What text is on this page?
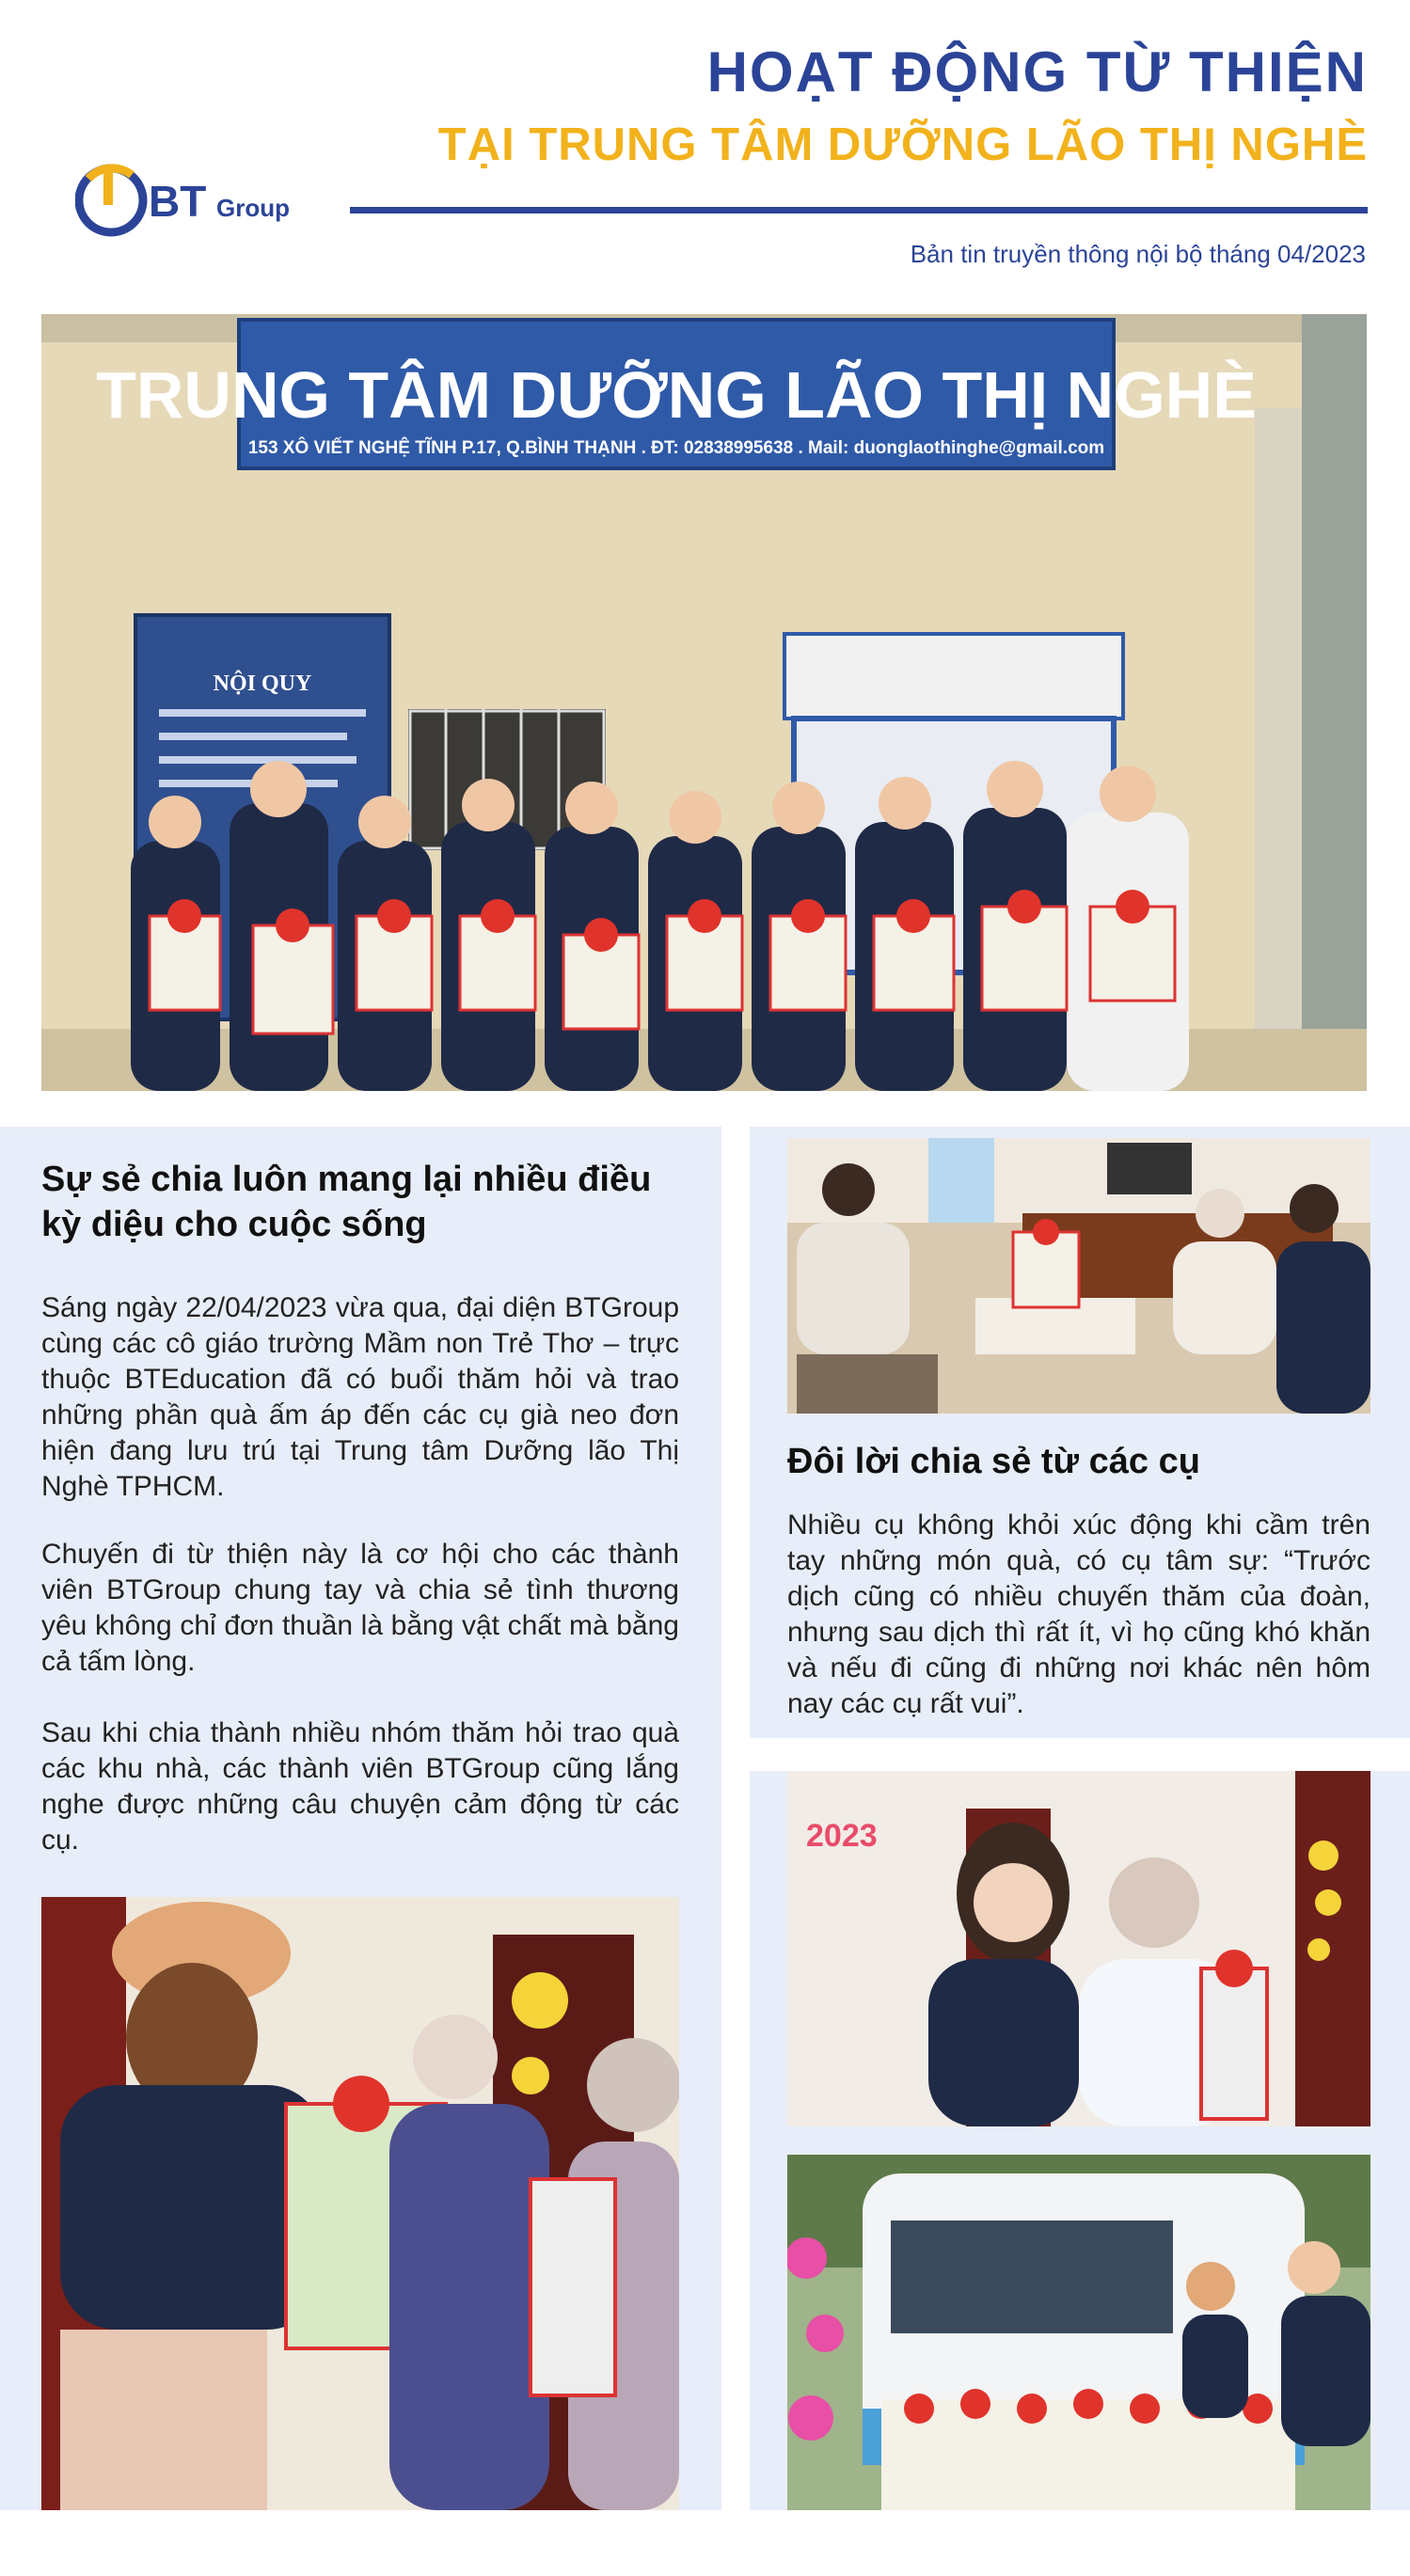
BT Group
HOẠT ĐỘNG TỪ THIỆN
TẠI TRUNG TÂM DƯỠNG LÃO THỊ NGHÈ
Bản tin truyền thông nội bộ tháng 04/2023
TRUNG TÂM DƯỠNG LÃO THỊ NGHÈ
153 XÔ VIẾT NGHỆ TĨNH P.17, Q.BÌNH THẠNH . ĐT: 02838995638 . Mail: duonglaothinghe@gmail.com
NỘI QUY
Sự sẻ chia luôn mang lại nhiều điều kỳ diệu cho cuộc sống

Sáng ngày 22/04/2023 vừa qua, đại diện BTGroup cùng các cô giáo trường Mầm non Trẻ Thơ – trực thuộc BTEducation đã có buổi thăm hỏi và trao những phần quà ấm áp đến các cụ già neo đơn hiện đang lưu trú tại Trung tâm Dưỡng lão Thị Nghè TPHCM.

Chuyến đi từ thiện này là cơ hội cho các thành viên BTGroup chung tay và chia sẻ tình thương yêu không chỉ đơn thuần là bằng vật chất mà bằng cả tấm lòng.

Sau khi chia thành nhiều nhóm thăm hỏi trao quà các khu nhà, các thành viên BTGroup cũng lắng nghe được những câu chuyện cảm động từ các cụ.

Đôi lời chia sẻ từ các cụ

Nhiều cụ không khỏi xúc động khi cầm trên tay những món quà, có cụ tâm sự: “Trước dịch cũng có nhiều chuyến thăm của đoàn, nhưng sau dịch thì rất ít, vì họ cũng khó khăn và nếu đi cũng đi những nơi khác nên hôm nay các cụ rất vui”.

2023
